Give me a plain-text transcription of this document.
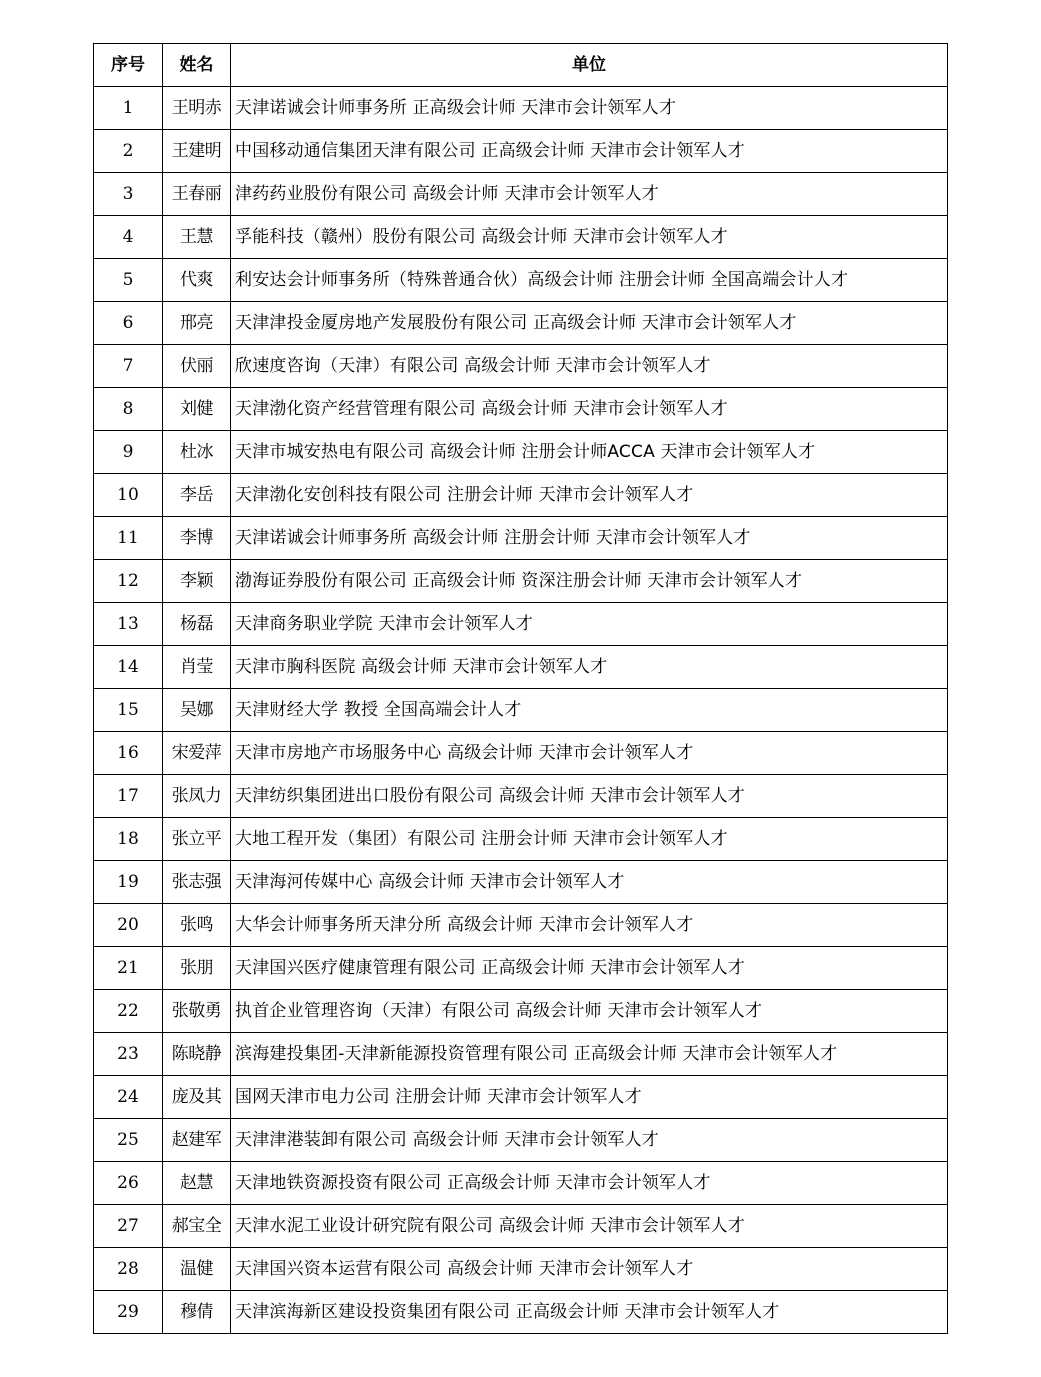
序号	姓名	单位
1	王明赤	天津诺诚会计师事务所 正高级会计师 天津市会计领军人才
2	王建明	中国移动通信集团天津有限公司 正高级会计师 天津市会计领军人才
3	王春丽	津药药业股份有限公司 高级会计师 天津市会计领军人才
4	王慧	孚能科技（赣州）股份有限公司 高级会计师 天津市会计领军人才
5	代爽	利安达会计师事务所（特殊普通合伙）高级会计师 注册会计师 全国高端会计人才
6	邢亮	天津津投金厦房地产发展股份有限公司 正高级会计师 天津市会计领军人才
7	伏丽	欣速度咨询（天津）有限公司 高级会计师 天津市会计领军人才
8	刘健	天津渤化资产经营管理有限公司 高级会计师 天津市会计领军人才
9	杜冰	天津市城安热电有限公司 高级会计师 注册会计师ACCA 天津市会计领军人才
10	李岳	天津渤化安创科技有限公司 注册会计师 天津市会计领军人才
11	李博	天津诺诚会计师事务所 高级会计师 注册会计师 天津市会计领军人才
12	李颖	渤海证券股份有限公司 正高级会计师 资深注册会计师 天津市会计领军人才
13	杨磊	天津商务职业学院 天津市会计领军人才
14	肖莹	天津市胸科医院 高级会计师 天津市会计领军人才
15	吴娜	天津财经大学 教授 全国高端会计人才
16	宋爱萍	天津市房地产市场服务中心 高级会计师 天津市会计领军人才
17	张凤力	天津纺织集团进出口股份有限公司 高级会计师 天津市会计领军人才
18	张立平	大地工程开发（集团）有限公司 注册会计师 天津市会计领军人才
19	张志强	天津海河传媒中心 高级会计师 天津市会计领军人才
20	张鸣	大华会计师事务所天津分所 高级会计师 天津市会计领军人才
21	张朋	天津国兴医疗健康管理有限公司 正高级会计师 天津市会计领军人才
22	张敬勇	执首企业管理咨询（天津）有限公司 高级会计师 天津市会计领军人才
23	陈晓静	滨海建投集团-天津新能源投资管理有限公司 正高级会计师 天津市会计领军人才
24	庞及其	国网天津市电力公司 注册会计师 天津市会计领军人才
25	赵建军	天津津港装卸有限公司 高级会计师 天津市会计领军人才
26	赵慧	天津地铁资源投资有限公司 正高级会计师 天津市会计领军人才
27	郝宝全	天津水泥工业设计研究院有限公司 高级会计师 天津市会计领军人才
28	温健	天津国兴资本运营有限公司 高级会计师 天津市会计领军人才
29	穆倩	天津滨海新区建设投资集团有限公司 正高级会计师 天津市会计领军人才
